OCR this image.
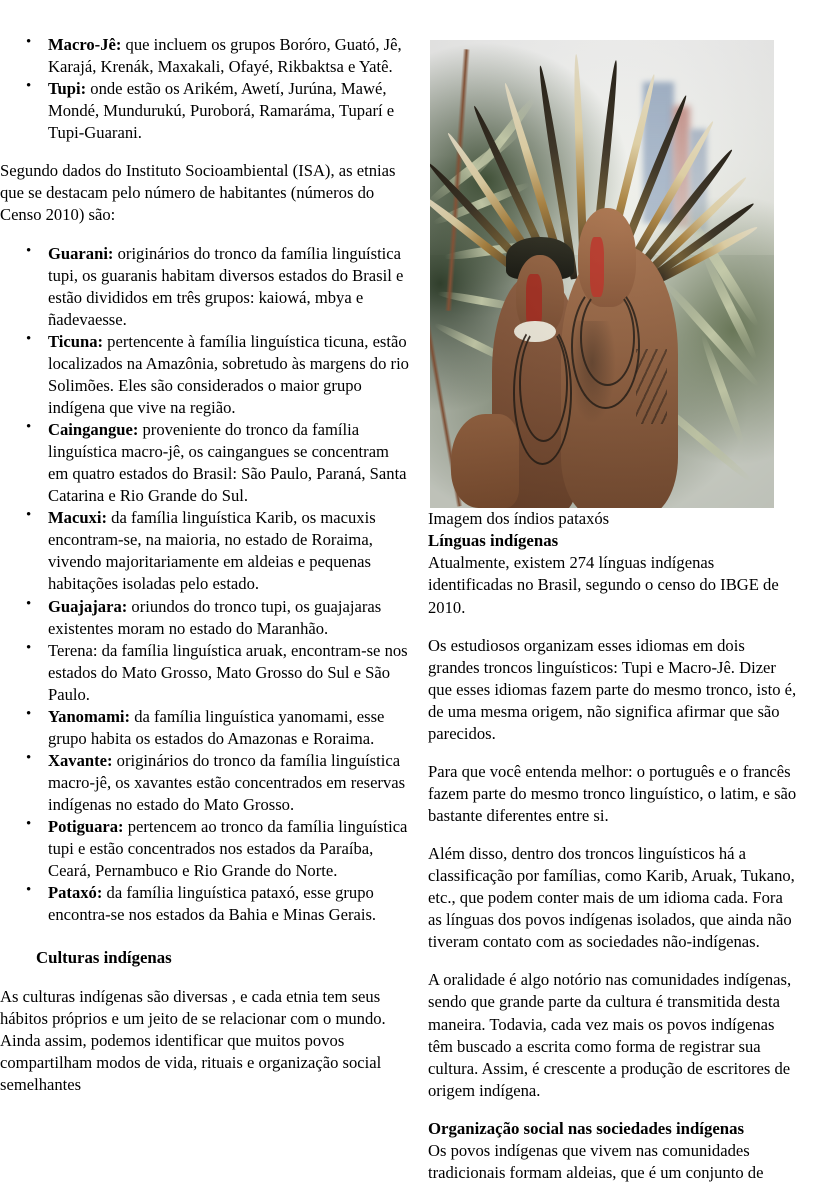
• Macro-Jê: que incluem os grupos Boróro, Guató, Jê, Karajá, Krenák, Maxakali, Ofayé, Rikbaktsa e Yatê.
• Tupi: onde estão os Arikém, Awetí, Jurúna, Mawé, Mondé, Mundurukú, Puroborá, Ramaráma, Tuparí e Tupi-Guarani.

Segundo dados do Instituto Socioambiental (ISA), as etnias que se destacam pelo número de habitantes (números do Censo 2010) são:

• Guarani: originários do tronco da família linguística tupi, os guaranis habitam diversos estados do Brasil e estão divididos em três grupos: kaiowá, mbya e ñadevaesse.
• Ticuna: pertencente à família linguística ticuna, estão localizados na Amazônia, sobretudo às margens do rio Solimões. Eles são considerados o maior grupo indígena que vive na região.
• Caingangue: proveniente do tronco da família linguística macro-jê, os caingangues se concentram em quatro estados do Brasil: São Paulo, Paraná, Santa Catarina e Rio Grande do Sul.
• Macuxi: da família linguística Karib, os macuxis encontram-se, na maioria, no estado de Roraima, vivendo majoritariamente em aldeias e pequenas habitações isoladas pelo estado.
• Guajajara: oriundos do tronco tupi, os guajajaras existentes moram no estado do Maranhão.
• Terena: da família linguística aruak, encontram-se nos estados do Mato Grosso, Mato Grosso do Sul e São Paulo.
• Yanomami: da família linguística yanomami, esse grupo habita os estados do Amazonas e Roraima.
• Xavante: originários do tronco da família linguística macro-jê, os xavantes estão concentrados em reservas indígenas no estado do Mato Grosso.
• Potiguara: pertencem ao tronco da família linguística tupi e estão concentrados nos estados da Paraíba, Ceará, Pernambuco e Rio Grande do Norte.
• Pataxó: da família linguística pataxó, esse grupo encontra-se nos estados da Bahia e Minas Gerais.
Culturas indígenas

As culturas indígenas são diversas , e cada etnia tem seus hábitos próprios e um jeito de se relacionar com o mundo. Ainda assim, podemos identificar que muitos povos compartilham modos de vida, rituais e organização social semelhantes

Imagem dos índios pataxós

Línguas indígenas

Atualmente, existem 274 línguas indígenas identificadas no Brasil, segundo o censo do IBGE de 2010.

Os estudiosos organizam esses idiomas em dois grandes troncos linguísticos: Tupi e Macro-Jê. Dizer que esses idiomas fazem parte do mesmo tronco, isto é, de uma mesma origem, não significa afirmar que são parecidos.

Para que você entenda melhor: o português e o francês fazem parte do mesmo tronco linguístico, o latim, e são bastante diferentes entre si.

Além disso, dentro dos troncos linguísticos há a classificação por famílias, como Karib, Aruak, Tukano, etc., que podem conter mais de um idioma cada. Fora as línguas dos povos indígenas isolados, que ainda não tiveram contato com as sociedades não-indígenas.

A oralidade é algo notório nas comunidades indígenas, sendo que grande parte da cultura é transmitida desta maneira. Todavia, cada vez mais os povos indígenas têm buscado a escrita como forma de registrar sua cultura. Assim, é crescente a produção de escritores de origem indígena.

Organização social nas sociedades indígenas

Os povos indígenas que vivem nas comunidades tradicionais formam aldeias, que é um conjunto de
